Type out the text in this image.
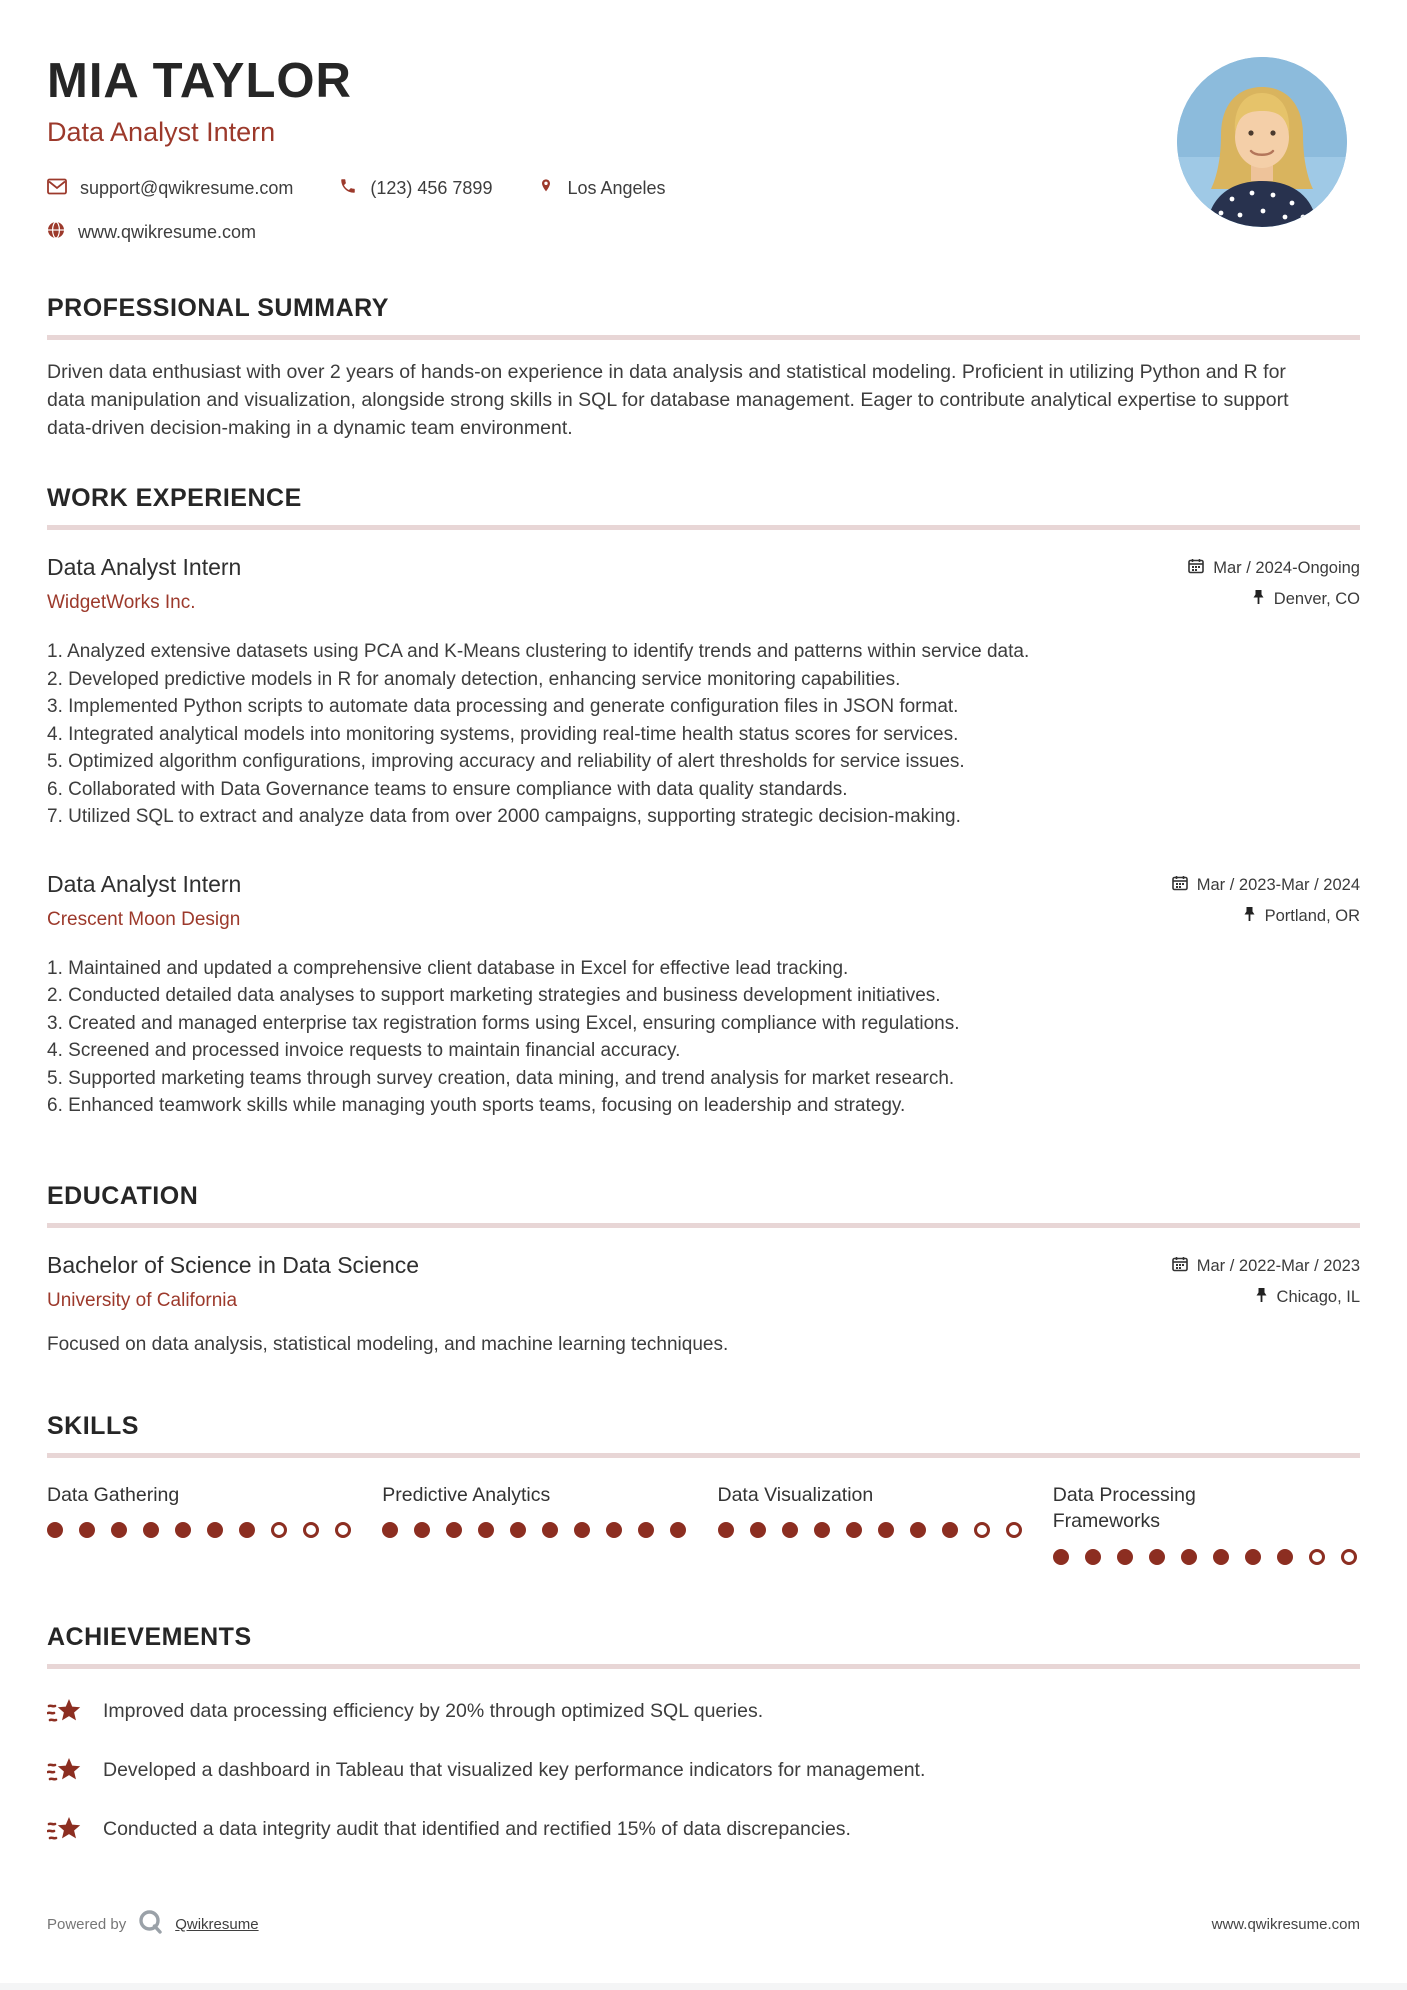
MIA TAYLOR
Data Analyst Intern
support@qwikresume.com	(123) 456 7899	Los Angeles
www.qwikresume.com
PROFESSIONAL SUMMARY

Driven data enthusiast with over 2 years of hands-on experience in data analysis and statistical modeling. Proficient in utilizing Python and R for data manipulation and visualization, alongside strong skills in SQL for database management. Eager to contribute analytical expertise to support data-driven decision-making in a dynamic team environment.

WORK EXPERIENCE
Data Analyst Intern
WidgetWorks Inc.
Mar / 2024-Ongoing
Denver, CO
Analyzed extensive datasets using PCA and K-Means clustering to identify trends and patterns within service data.
Developed predictive models in R for anomaly detection, enhancing service monitoring capabilities.
Implemented Python scripts to automate data processing and generate configuration files in JSON format.
Integrated analytical models into monitoring systems, providing real-time health status scores for services.
Optimized algorithm configurations, improving accuracy and reliability of alert thresholds for service issues.
Collaborated with Data Governance teams to ensure compliance with data quality standards.
Utilized SQL to extract and analyze data from over 2000 campaigns, supporting strategic decision-making.
Data Analyst Intern
Crescent Moon Design
Mar / 2023-Mar / 2024
Portland, OR
Maintained and updated a comprehensive client database in Excel for effective lead tracking.
Conducted detailed data analyses to support marketing strategies and business development initiatives.
Created and managed enterprise tax registration forms using Excel, ensuring compliance with regulations.
Screened and processed invoice requests to maintain financial accuracy.
Supported marketing teams through survey creation, data mining, and trend analysis for market research.
Enhanced teamwork skills while managing youth sports teams, focusing on leadership and strategy.
EDUCATION
Bachelor of Science in Data Science
University of California
Mar / 2022-Mar / 2023
Chicago, IL
Focused on data analysis, statistical modeling, and machine learning techniques.
SKILLS
Data Gathering	Predictive Analytics	Data Visualization	Data Processing Frameworks
ACHIEVEMENTS
Improved data processing efficiency by 20% through optimized SQL queries.
Developed a dashboard in Tableau that visualized key performance indicators for management.
Conducted a data integrity audit that identified and rectified 15% of data discrepancies.
Powered by	Qwikresume	www.qwikresume.com
